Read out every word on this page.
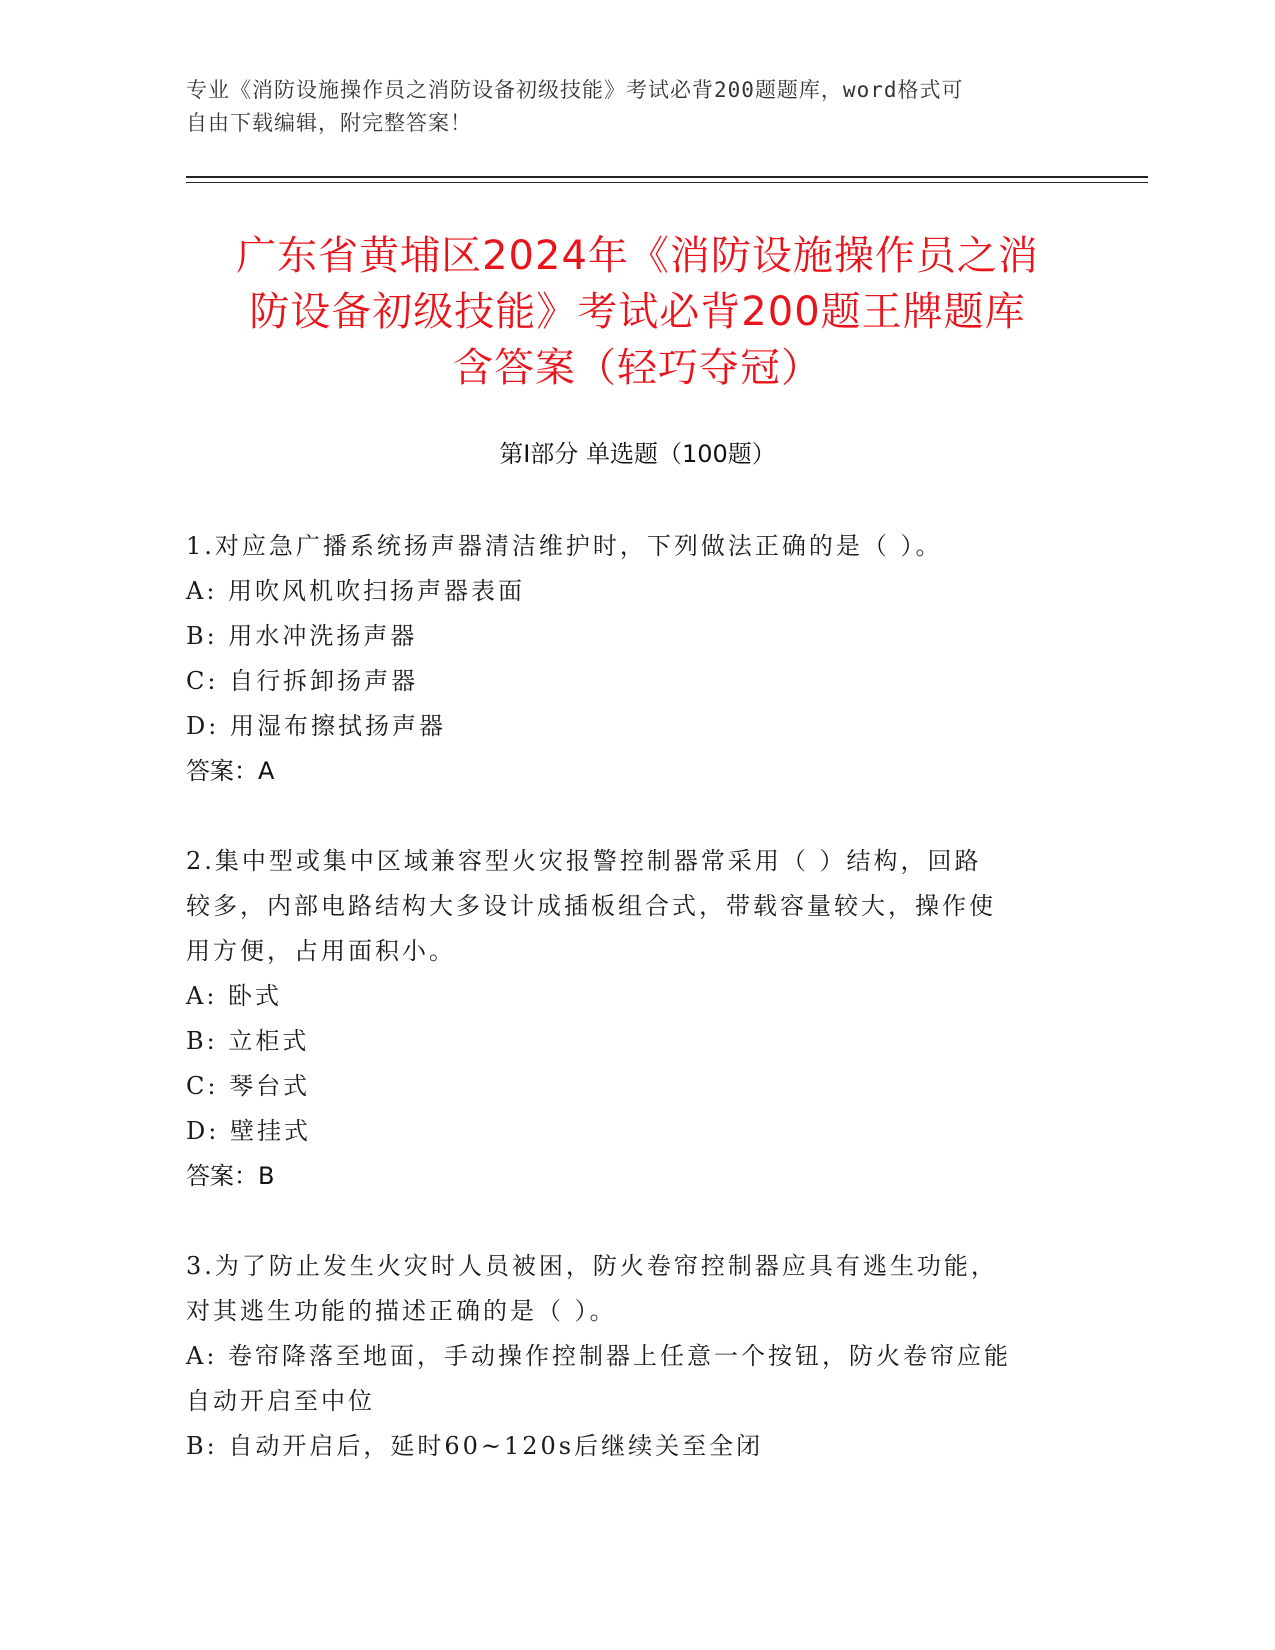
专业《消防设施操作员之消防设备初级技能》考试必背200题题库，word格式可
自由下载编辑，附完整答案！
广东省黄埔区2024年《消防设施操作员之消
防设备初级技能》考试必背200题王牌题库
含答案（轻巧夺冠）
第Ⅰ部分 单选题（100题）
1.对应急广播系统扬声器清洁维护时，下列做法正确的是（ ）。
A: 用吹风机吹扫扬声器表面
B: 用水冲洗扬声器
C: 自行拆卸扬声器
D: 用湿布擦拭扬声器
答案：A
2.集中型或集中区域兼容型火灾报警控制器常采用（ ）结构，回路
较多，内部电路结构大多设计成插板组合式，带载容量较大，操作使
用方便，占用面积小。
A: 卧式
B: 立柜式
C: 琴台式
D: 壁挂式
答案：B
3.为了防止发生火灾时人员被困，防火卷帘控制器应具有逃生功能，
对其逃生功能的描述正确的是（ ）。
A: 卷帘降落至地面，手动操作控制器上任意一个按钮，防火卷帘应能
自动开启至中位
B: 自动开启后，延时60~120s后继续关至全闭
